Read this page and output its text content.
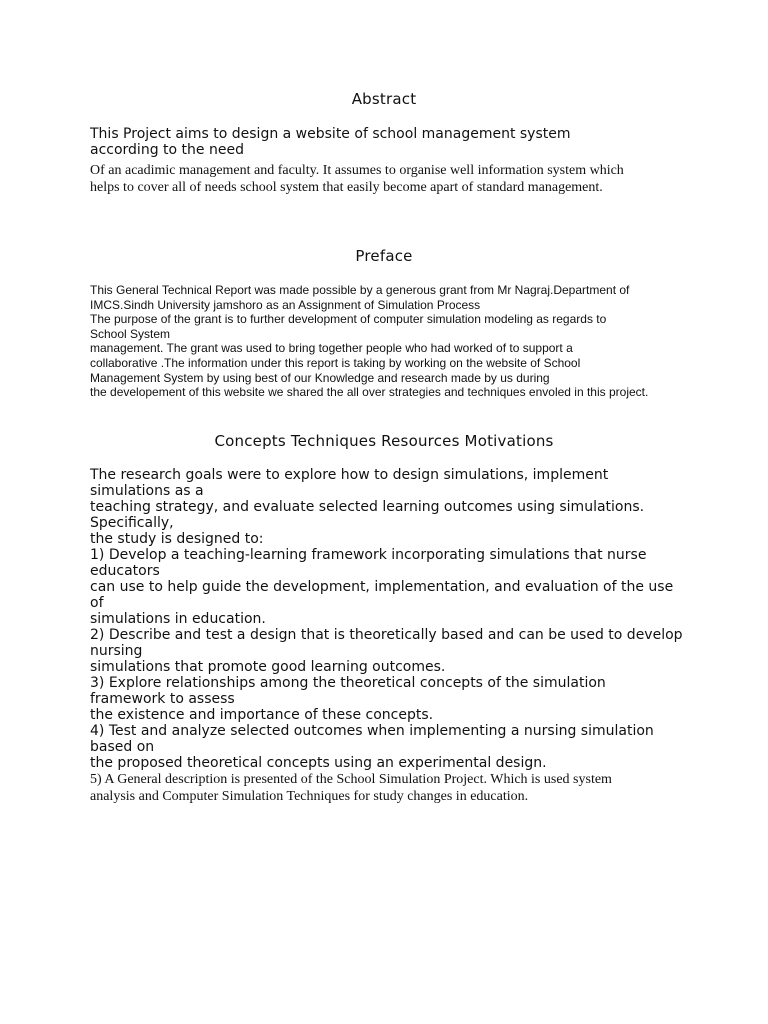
Abstract
This Project aims to design a website of school management system
according to the need
Of an acadimic management and faculty. It assumes to organise well information system which
helps to cover all of needs school system that easily become apart of standard management.
Preface
This General Technical Report was made possible by a generous grant from Mr Nagraj.Department of
IMCS.Sindh University jamshoro as an Assignment of Simulation Process
The purpose of the grant is to further development of computer simulation modeling as regards to
School System
management. The grant was used to bring together people who had worked of to support a
collaborative .The information under this report is taking by working on the website of School
Management System by using best of our Knowledge and research made by us during
the developement of this website we shared the all over strategies and techniques envoled in this project.
Concepts Techniques Resources Motivations
The research goals were to explore how to design simulations, implement
simulations as a
teaching strategy, and evaluate selected learning outcomes using simulations.
Specifically,
the study is designed to:
1) Develop a teaching-learning framework incorporating simulations that nurse
educators
can use to help guide the development, implementation, and evaluation of the use
of
simulations in education.
2) Describe and test a design that is theoretically based and can be used to develop
nursing
simulations that promote good learning outcomes.
3) Explore relationships among the theoretical concepts of the simulation
framework to assess
the existence and importance of these concepts.
4) Test and analyze selected outcomes when implementing a nursing simulation
based on
the proposed theoretical concepts using an experimental design.
5) A General description is presented of the School Simulation Project. Which is used system
analysis and Computer Simulation Techniques for study changes in education.
